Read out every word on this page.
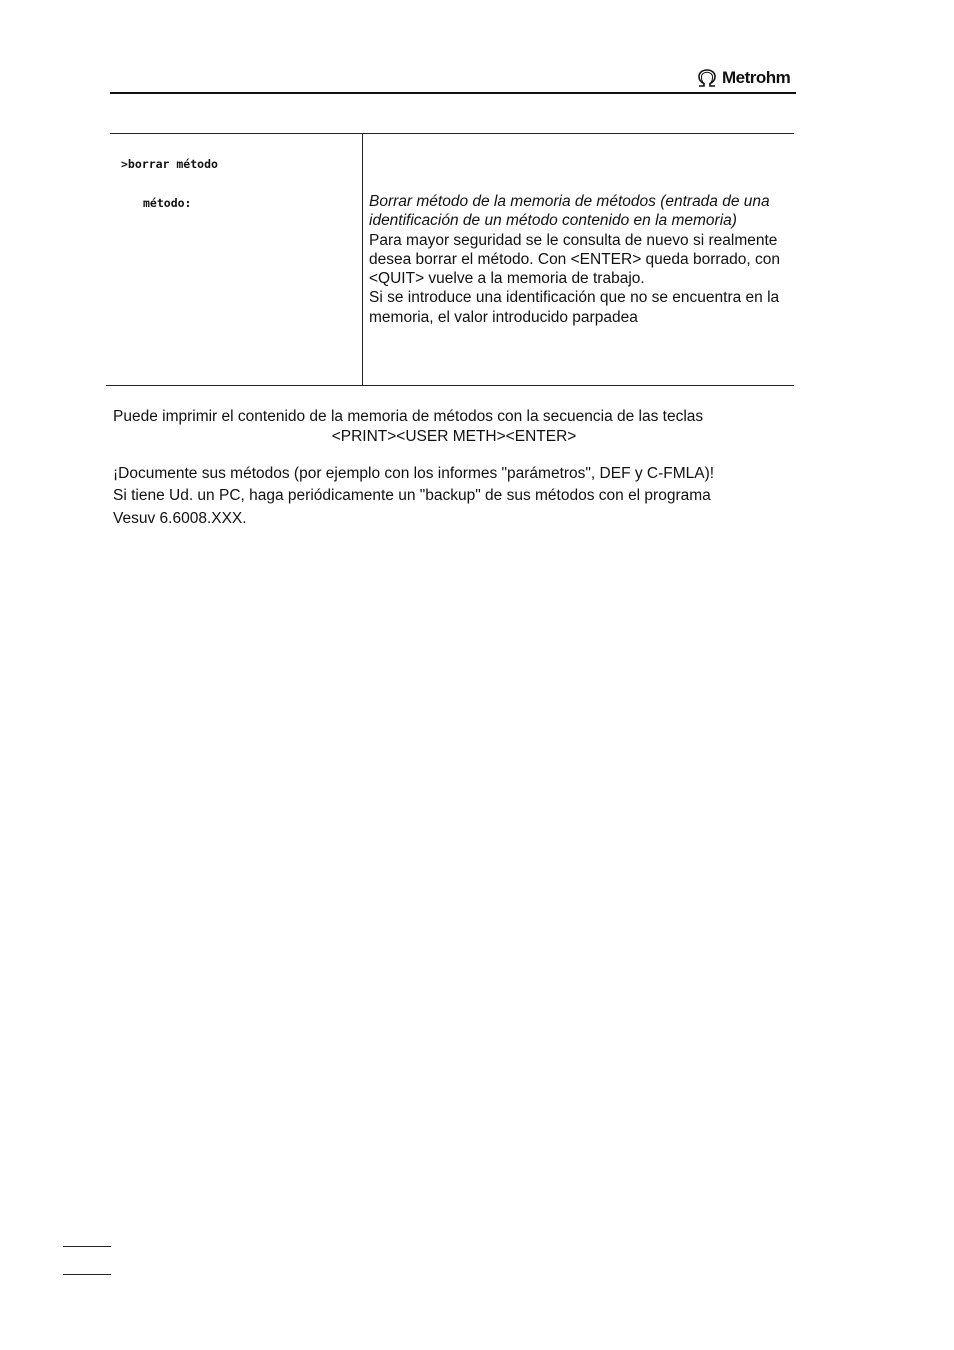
Metrohm
>borrar método
método:	Borrar método de la memoria de métodos (entrada de una identificación de un método contenido en la memoria)
Para mayor seguridad se le consulta de nuevo si realmente desea borrar el método. Con <ENTER> queda borrado, con <QUIT> vuelve a la memoria de trabajo.
Si se introduce una identificación que no se encuentra en la memoria, el valor introducido parpadea
Puede imprimir el contenido de la memoria de métodos con la secuencia de las teclas
<PRINT><USER METH><ENTER>
¡Documente sus métodos (por ejemplo con los informes "parámetros", DEF y C-FMLA)!
Si tiene Ud. un PC, haga periódicamente un "backup" de sus métodos con el programa
Vesuv 6.6008.XXX.
